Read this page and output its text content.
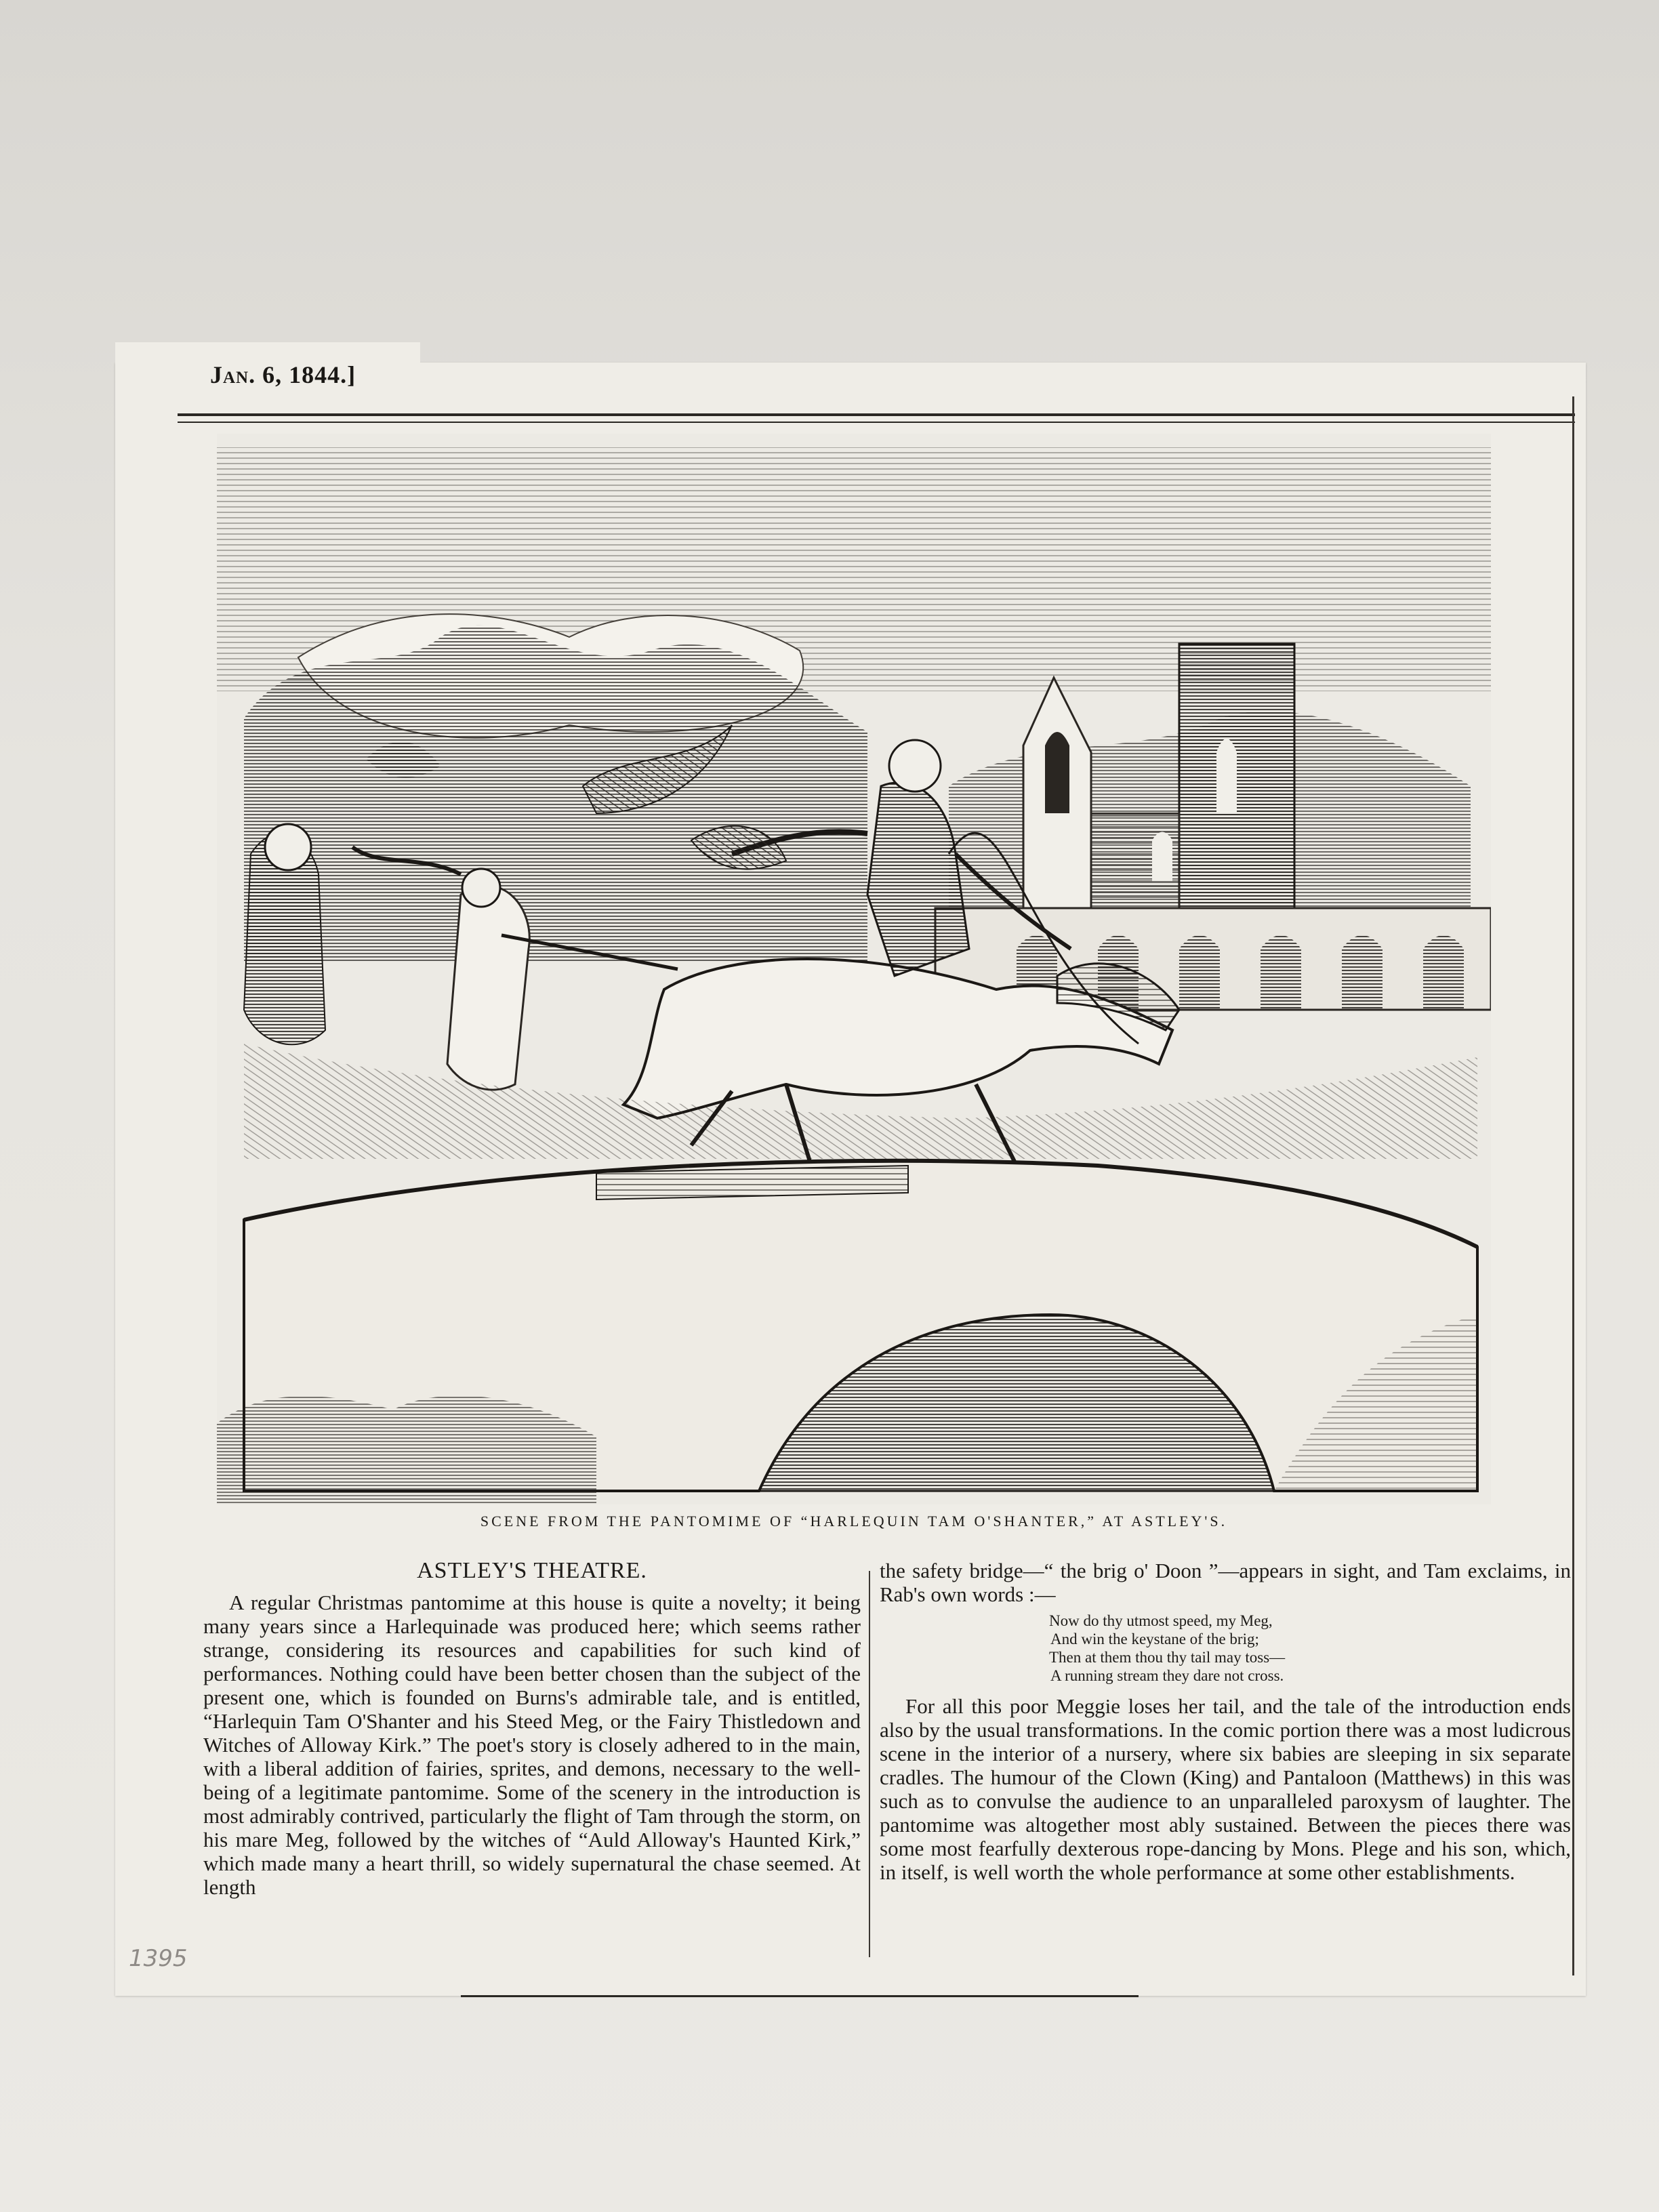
Jan. 6, 1844.]
SCENE FROM THE PANTOMIME OF “HARLEQUIN TAM O'SHANTER,” AT ASTLEY'S.
ASTLEY'S THEATRE.

A regular Christmas pantomime at this house is quite a novelty; it being many years since a Harlequinade was produced here; which seems rather strange, considering its resources and capabilities for such kind of performances. Nothing could have been better chosen than the subject of the present one, which is founded on Burns's admirable tale, and is entitled, “Harlequin Tam O'Shanter and his Steed Meg, or the Fairy Thistledown and Witches of Alloway Kirk.” The poet's story is closely adhered to in the main, with a liberal addition of fairies, sprites, and demons, necessary to the well-being of a legitimate pantomime. Some of the scenery in the introduction is most admirably contrived, particularly the flight of Tam through the storm, on his mare Meg, followed by the witches of “Auld Alloway's Haunted Kirk,” which made many a heart thrill, so widely supernatural the chase seemed. At length

the safety bridge—“ the brig o' Doon ”—appears in sight, and Tam exclaims, in Rab's own words :—

Now do thy utmost speed, my Meg,
And win the keystane of the brig;
Then at them thou thy tail may toss—
A running stream they dare not cross.

For all this poor Meggie loses her tail, and the tale of the introduction ends also by the usual transformations. In the comic portion there was a most ludicrous scene in the interior of a nursery, where six babies are sleeping in six separate cradles. The humour of the Clown (King) and Pantaloon (Matthews) in this was such as to convulse the audience to an unparalleled paroxysm of laughter. The pantomime was altogether most ably sustained. Between the pieces there was some most fearfully dexterous rope-dancing by Mons. Plege and his son, which, in itself, is well worth the whole performance at some other establishments.

1395
